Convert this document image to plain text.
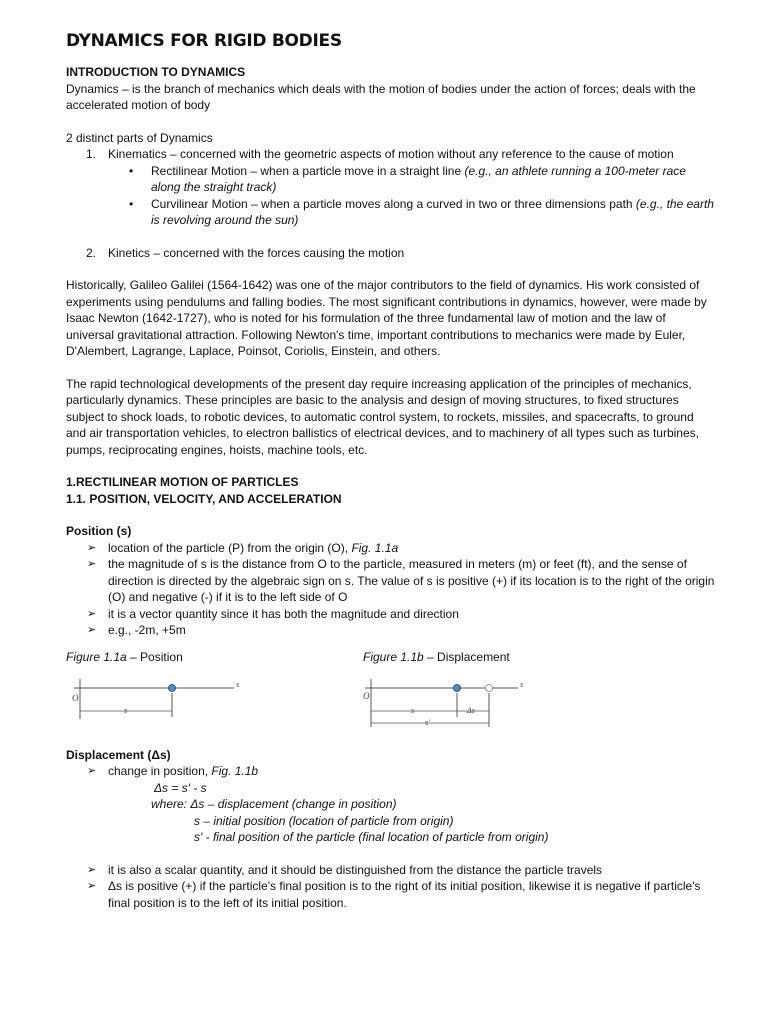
DYNAMICS FOR RIGID BODIES

INTRODUCTION TO DYNAMICS

Dynamics – is the branch of mechanics which deals with the motion of bodies under the action of forces; deals with the accelerated motion of body

2 distinct parts of Dynamics

1. Kinematics – concerned with the geometric aspects of motion without any reference to the cause of motion
• Rectilinear Motion – when a particle move in a straight line (e.g., an athlete running a 100-meter race along the straight track)
• Curvilinear Motion – when a particle moves along a curved in two or three dimensions path (e.g., the earth is revolving around the sun)
2. Kinetics – concerned with the forces causing the motion

Historically, Galileo Galilei (1564-1642) was one of the major contributors to the field of dynamics. His work consisted of experiments using pendulums and falling bodies. The most significant contributions in dynamics, however, were made by Isaac Newton (1642-1727), who is noted for his formulation of the three fundamental law of motion and the law of universal gravitational attraction. Following Newton's time, important contributions to mechanics were made by Euler, D'Alembert, Lagrange, Laplace, Poinsot, Coriolis, Einstein, and others.

The rapid technological developments of the present day require increasing application of the principles of mechanics, particularly dynamics. These principles are basic to the analysis and design of moving structures, to fixed structures subject to shock loads, to robotic devices, to automatic control system, to rockets, missiles, and spacecrafts, to ground and air transportation vehicles, to electron ballistics of electrical devices, and to machinery of all types such as turbines, pumps, reciprocating engines, hoists, machine tools, etc.

1.RECTILINEAR MOTION OF PARTICLES

1.1. POSITION, VELOCITY, AND ACCELERATION

Position (s)

➢ location of the particle (P) from the origin (O), Fig. 1.1a
➢ the magnitude of s is the distance from O to the particle, measured in meters (m) or feet (ft), and the sense of direction is directed by the algebraic sign on s. The value of s is positive (+) if its location is to the right of the origin (O) and negative (-) if it is to the left side of O
➢ it is a vector quantity since it has both the magnitude and direction
➢ e.g., -2m, +5m
Figure 1.1a – Position
O
s
s
Figure 1.1b – Displacement
O
s
s	Δs
s'

Displacement (Δs)

➢ change in position, Fig. 1.1b

Δs = s' - s

where: Δs – displacement (change in position)

s – initial position (location of particle from origin)

s' - final position of the particle (final location of particle from origin)

➢ it is also a scalar quantity, and it should be distinguished from the distance the particle travels
➢ Δs is positive (+) if the particle's final position is to the right of its initial position, likewise it is negative if particle's final position is to the left of its initial position.
